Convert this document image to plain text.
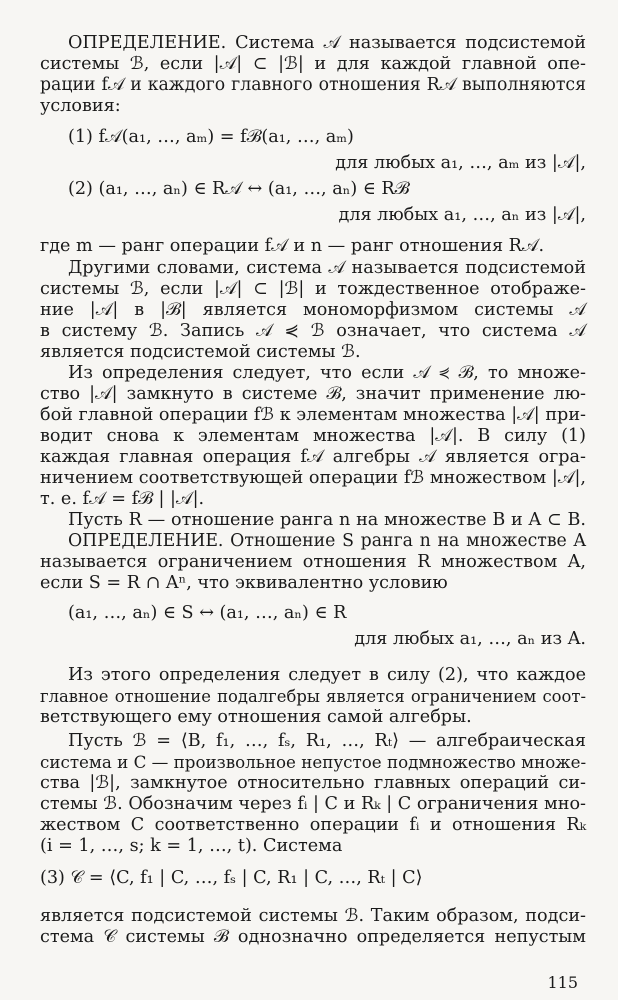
ОПРЕДЕЛЕНИЕ. Система 𝒜 называется подсистемой
системы ℬ, если |𝒜| ⊂ |ℬ| и для каждой главной опе-
рации f𝒜 и каждого главного отношения R𝒜 выполняются
условия:
(1) f𝒜(a₁, …, aₘ) = fℬ(a₁, …, aₘ)
для любых a₁, …, aₘ из |𝒜|,
(2) (a₁, …, aₙ) ∈ R𝒜 ↔ (a₁, …, aₙ) ∈ Rℬ
для любых a₁, …, aₙ из |𝒜|,
где m — ранг операции f𝒜 и n — ранг отношения R𝒜.
Другими словами, система 𝒜 называется подсистемой
системы ℬ, если |𝒜| ⊂ |ℬ| и тождественное отображе-
ние |𝒜| в |ℬ| является мономорфизмом системы 𝒜
в систему ℬ. Запись 𝒜 ⋞ ℬ означает, что система 𝒜
является подсистемой системы ℬ.
Из определения следует, что если 𝒜 ⋞ ℬ, то множе-
ство |𝒜| замкнуто в системе ℬ, значит применение лю-
бой главной операции fℬ к элементам множества |𝒜| при-
водит снова к элементам множества |𝒜|. В силу (1)
каждая главная операция f𝒜 алгебры 𝒜 является огра-
ничением соответствующей операции fℬ множеством |𝒜|,
т. е. f𝒜 = fℬ | |𝒜|.
Пусть R — отношение ранга n на множестве B и A ⊂ B.
ОПРЕДЕЛЕНИЕ. Отношение S ранга n на множестве A
называется ограничением отношения R множеством A,
если S = R ∩ Aⁿ, что эквивалентно условию
(a₁, …, aₙ) ∈ S ↔ (a₁, …, aₙ) ∈ R
для любых a₁, …, aₙ из A.
Из этого определения следует в силу (2), что каждое
главное отношение подалгебры является ограничением соот-
ветствующего ему отношения самой алгебры.
Пусть ℬ = ⟨B, f₁, …, fₛ, R₁, …, Rₜ⟩ — алгебраическая
система и C — произвольное непустое подмножество множе-
ства |ℬ|, замкнутое относительно главных операций си-
стемы ℬ. Обозначим через fᵢ | C и Rₖ | C ограничения мно-
жеством C соответственно операции fᵢ и отношения Rₖ
(i = 1, …, s; k = 1, …, t). Система
(3) 𝒞 = ⟨C, f₁ | C, …, fₛ | C, R₁ | C, …, Rₜ | C⟩
является подсистемой системы ℬ. Таким образом, подси-
стема 𝒞 системы ℬ однозначно определяется непустым
115
